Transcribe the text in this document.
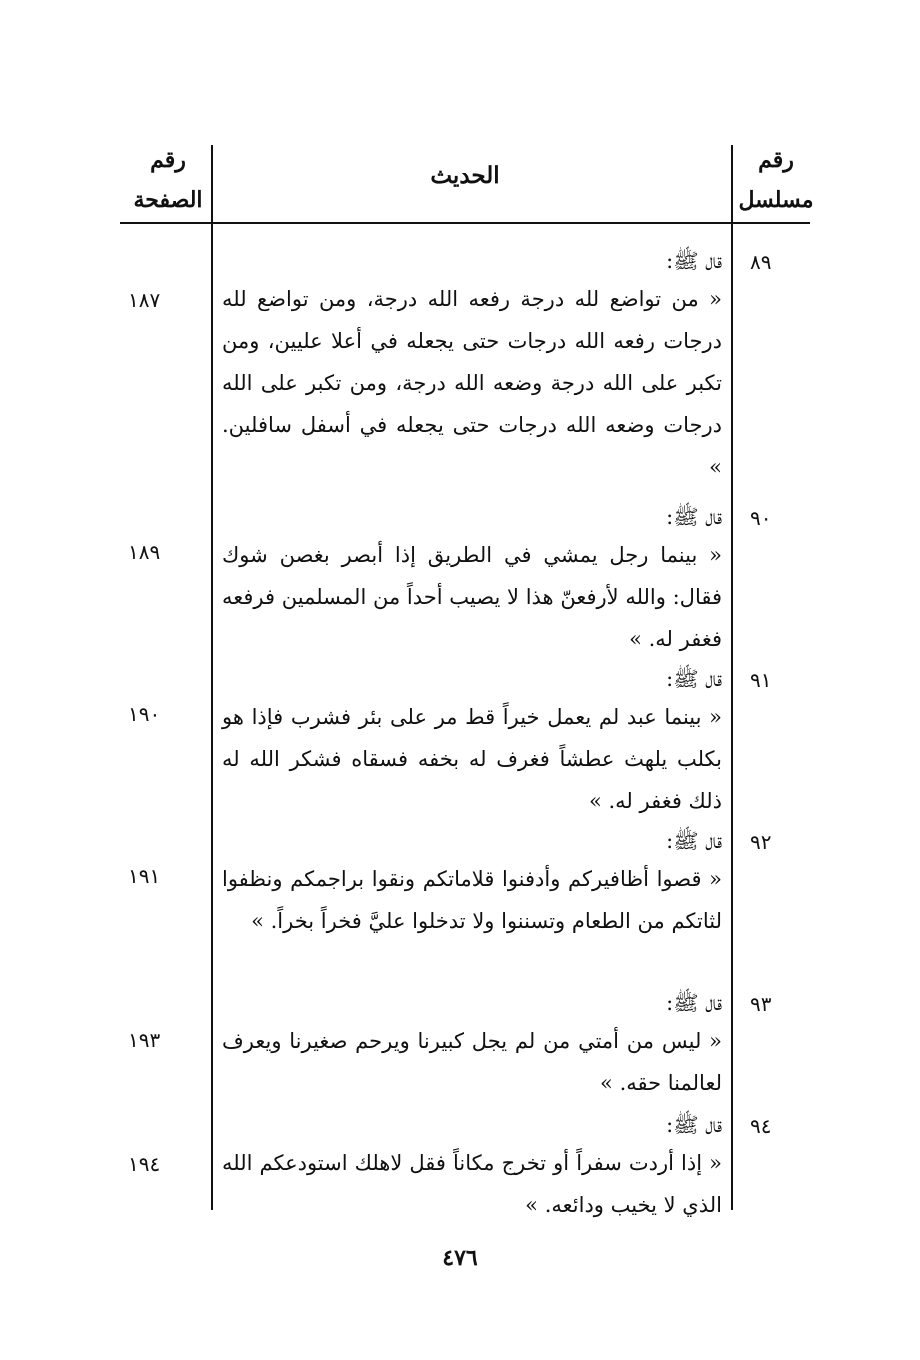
رقم
مسلسل
الحديث
رقم
الصفحة
٨٩
١٨٧
قال ﷺ:

« من تواضع لله درجة رفعه الله درجة، ومن تواضع لله درجات رفعه الله درجات حتى يجعله في أعلا عليين، ومن تكبر على الله درجة وضعه الله درجة، ومن تكبر على الله درجات وضعه الله درجات حتى يجعله في أسفل سافلين. »

٩٠
١٨٩
قال ﷺ:

« بينما رجل يمشي في الطريق إذا أبصر بغصن شوك فقال: والله لأرفعنّ هذا لا يصيب أحداً من المسلمين فرفعه فغفر له. »

٩١
١٩٠
قال ﷺ:

« بينما عبد لم يعمل خيراً قط مر على بئر فشرب فإذا هو بكلب يلهث عطشاً فغرف له بخفه فسقاه فشكر الله له ذلك فغفر له. »

٩٢
١٩١
قال ﷺ:

« قصوا أظافيركم وأدفنوا قلاماتكم ونقوا براجمكم ونظفوا لثاتكم من الطعام وتسننوا ولا تدخلوا عليَّ فخراً بخراً. »

٩٣
١٩٣
قال ﷺ:

« ليس من أمتي من لم يجل كبيرنا ويرحم صغيرنا ويعرف لعالمنا حقه. »

٩٤
١٩٤
قال ﷺ:

« إذا أردت سفراً أو تخرج مكاناً فقل لاهلك استودعكم الله الذي لا يخيب ودائعه. »

٤٧٦
